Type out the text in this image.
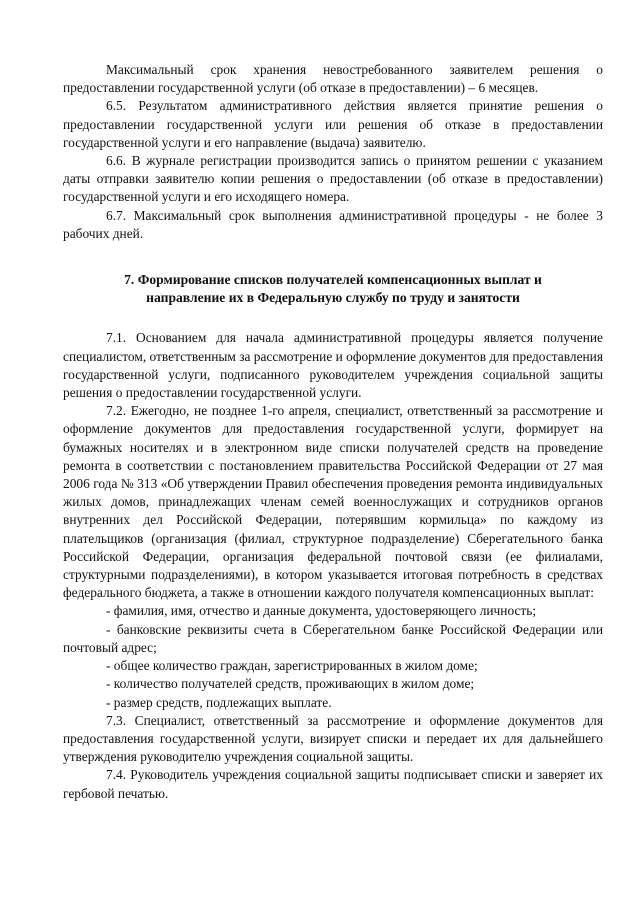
Максимальный срок хранения невостребованного заявителем решения о предоставлении государственной услуги (об отказе в предоставлении) – 6 месяцев.

6.5. Результатом административного действия является принятие решения о предоставлении государственной услуги или решения об отказе в предоставлении государственной услуги и его направление (выдача) заявителю.

6.6. В журнале регистрации производится запись о принятом решении с указанием даты отправки заявителю копии решения о предоставлении (об отказе в предоставлении) государственной услуги и его исходящего номера.

6.7. Максимальный срок выполнения административной процедуры - не более 3 рабочих дней.

7. Формирование списков получателей компенсационных выплат и
направление их в Федеральную службу по труду и занятости

7.1. Основанием для начала административной процедуры является получение специалистом, ответственным за рассмотрение и оформление документов для предоставления государственной услуги, подписанного руководителем учреждения социальной защиты решения о предоставлении государственной услуги.

7.2. Ежегодно, не позднее 1-го апреля, специалист, ответственный за рассмотрение и оформление документов для предоставления государственной услуги, формирует на бумажных носителях и в электронном виде списки получателей средств на проведение ремонта в соответствии с постановлением правительства Российской Федерации от 27 мая 2006 года № 313 «Об утверждении Правил обеспечения проведения ремонта индивидуальных жилых домов, принадлежащих членам семей военнослужащих и сотрудников органов внутренних дел Российской Федерации, потерявшим кормильца» по каждому из плательщиков (организация (филиал, структурное подразделение) Сберегательного банка Российской Федерации, организация федеральной почтовой связи (ее филиалами, структурными подразделениями), в котором указывается итоговая потребность в средствах федерального бюджета, а также в отношении каждого получателя компенсационных выплат:

- фамилия, имя, отчество и данные документа, удостоверяющего личность;

- банковские реквизиты счета в Сберегательном банке Российской Федерации или почтовый адрес;

- общее количество граждан, зарегистрированных в жилом доме;

- количество получателей средств, проживающих в жилом доме;

- размер средств, подлежащих выплате.

7.3. Специалист, ответственный за рассмотрение и оформление документов для предоставления государственной услуги, визирует списки и передает их для дальнейшего утверждения руководителю учреждения социальной защиты.

7.4. Руководитель учреждения социальной защиты подписывает списки и заверяет их гербовой печатью.
